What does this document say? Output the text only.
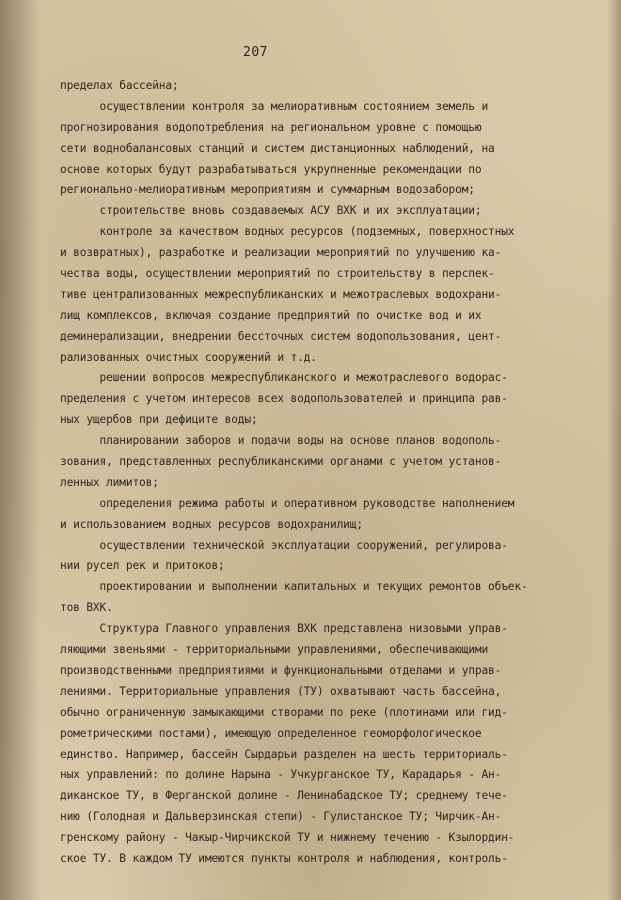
207
пределах бассейна;
осуществлении контроля за мелиоративным состоянием земель и
прогнозирования водопотребления на региональном уровне с помощью
сети воднобалансовых станций и систем дистанционных наблюдений, на
основе которых будут разрабатываться укрупненные рекомендации по
регионально-мелиоративным мероприятиям и суммарным водозабором;
строительстве вновь создаваемых АСУ ВХК и их эксплуатации;
контроле за качеством водных ресурсов (подземных, поверхностных
и возвратных), разработке и реализации мероприятий по улучшению ка-
чества воды, осуществлении мероприятий по строительству в перспек-
тиве централизованных межреспубликанских и межотраслевых водохрани-
лищ комплексов, включая создание предприятий по очистке вод и их
деминерализации, внедрении бессточных систем водопользования, цент-
рализованных очистных сооружений и т.д.
решении вопросов межреспубликанского и межотраслевого водорас-
пределения с учетом интересов всех водопользователей и принципа рав-
ных ущербов при дефиците воды;
планировании заборов и подачи воды на основе планов водополь-
зования, представленных республиканскими органами с учетом установ-
ленных лимитов;
определения режима работы и оперативном руководстве наполнением
и использованием водных ресурсов водохранилищ;
осуществлении технической эксплуатации сооружений, регулирова-
нии русел рек и притоков;
проектировании и выполнении капитальных и текущих ремонтов объек-
тов ВХК.
Структура Главного управления ВХК представлена низовыми управ-
ляющими звеньями - территориальными управлениями, обеспечивающими
производственными предприятиями и функциональными отделами и управ-
лениями. Территориальные управления (ТУ) охватывают часть бассейна,
обычно ограниченную замыкающими створами по реке (плотинами или гид-
рометрическими постами), имеющую определенное геоморфологическое
единство. Например, бассейн Сырдарьи разделен на шесть территориаль-
ных управлений: по долине Нарына - Учкурганское ТУ, Карадарья - Ан-
диканское ТУ, в Ферганской долине - Ленинабадское ТУ; среднему тече-
нию (Голодная и Дальверзинская степи) - Гулистанское ТУ; Чирчик-Ан-
гренскому району - Чакыр-Чирчикской ТУ и нижнему течению - Кзылордин-
ское ТУ. В каждом ТУ имеются пункты контроля и наблюдения, контроль-
